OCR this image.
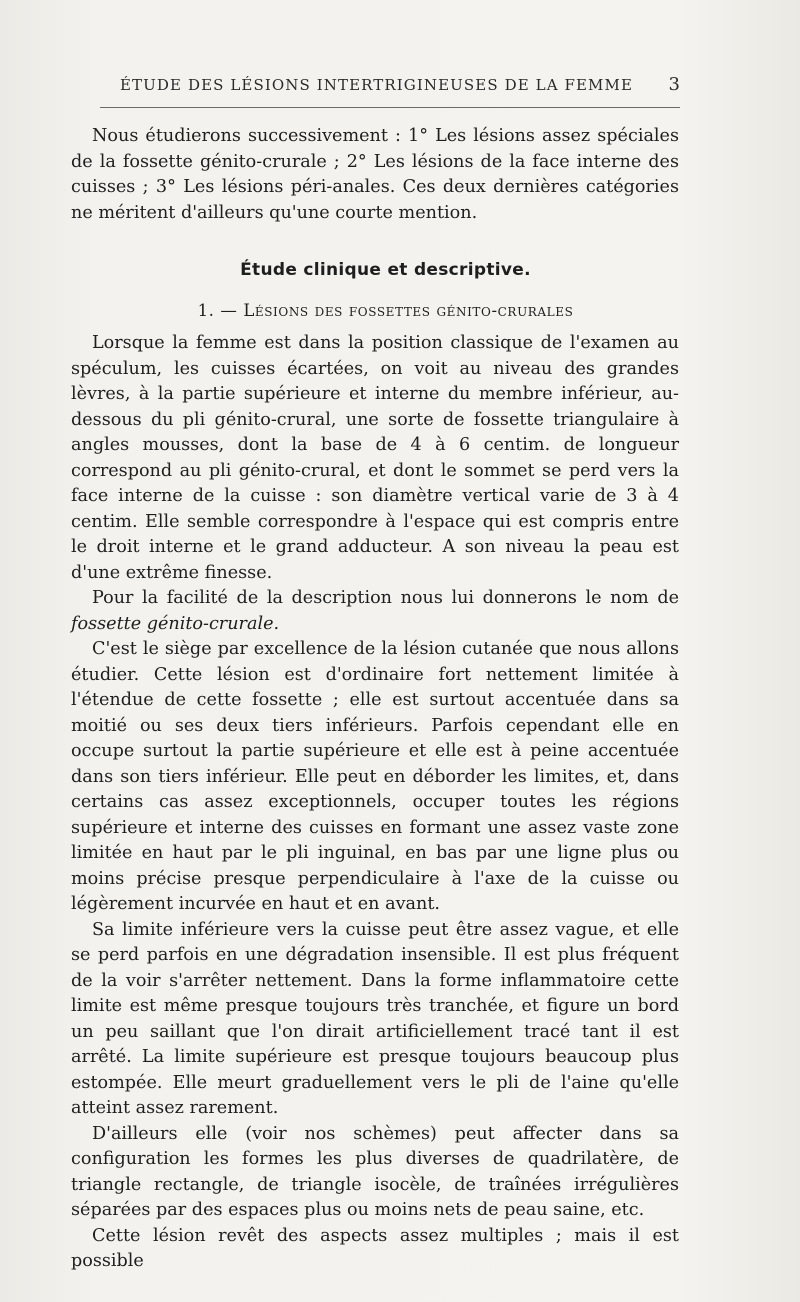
ÉTUDE DES LÉSIONS INTERTRIGINEUSES DE LA FEMME 3

Nous étudierons successivement : 1° Les lésions assez spéciales de la fossette génito-crurale ; 2° Les lésions de la face interne des cuisses ; 3° Les lésions péri-anales. Ces deux dernières catégories ne méritent d'ailleurs qu'une courte mention.

Étude clinique et descriptive.

1. — Lésions des fossettes génito-crurales

Lorsque la femme est dans la position classique de l'examen au spéculum, les cuisses écartées, on voit au niveau des grandes lèvres, à la partie supérieure et interne du membre inférieur, au-dessous du pli génito-crural, une sorte de fossette triangulaire à angles mousses, dont la base de 4 à 6 centim. de longueur correspond au pli génito-crural, et dont le sommet se perd vers la face interne de la cuisse : son diamètre vertical varie de 3 à 4 centim. Elle semble correspondre à l'espace qui est compris entre le droit interne et le grand adducteur. A son niveau la peau est d'une extrême finesse.

Pour la facilité de la description nous lui donnerons le nom de fossette génito-crurale.

C'est le siège par excellence de la lésion cutanée que nous allons étudier. Cette lésion est d'ordinaire fort nettement limitée à l'étendue de cette fossette ; elle est surtout accentuée dans sa moitié ou ses deux tiers inférieurs. Parfois cependant elle en occupe surtout la partie supérieure et elle est à peine accentuée dans son tiers inférieur. Elle peut en déborder les limites, et, dans certains cas assez exceptionnels, occuper toutes les régions supérieure et interne des cuisses en formant une assez vaste zone limitée en haut par le pli inguinal, en bas par une ligne plus ou moins précise presque perpendiculaire à l'axe de la cuisse ou légèrement incurvée en haut et en avant.

Sa limite inférieure vers la cuisse peut être assez vague, et elle se perd parfois en une dégradation insensible. Il est plus fréquent de la voir s'arrêter nettement. Dans la forme inflammatoire cette limite est même presque toujours très tranchée, et figure un bord un peu saillant que l'on dirait artificiellement tracé tant il est arrêté. La limite supérieure est presque toujours beaucoup plus estompée. Elle meurt graduellement vers le pli de l'aine qu'elle atteint assez rarement.

D'ailleurs elle (voir nos schèmes) peut affecter dans sa configuration les formes les plus diverses de quadrilatère, de triangle rectangle, de triangle isocèle, de traînées irrégulières séparées par des espaces plus ou moins nets de peau saine, etc.

Cette lésion revêt des aspects assez multiples ; mais il est possible
